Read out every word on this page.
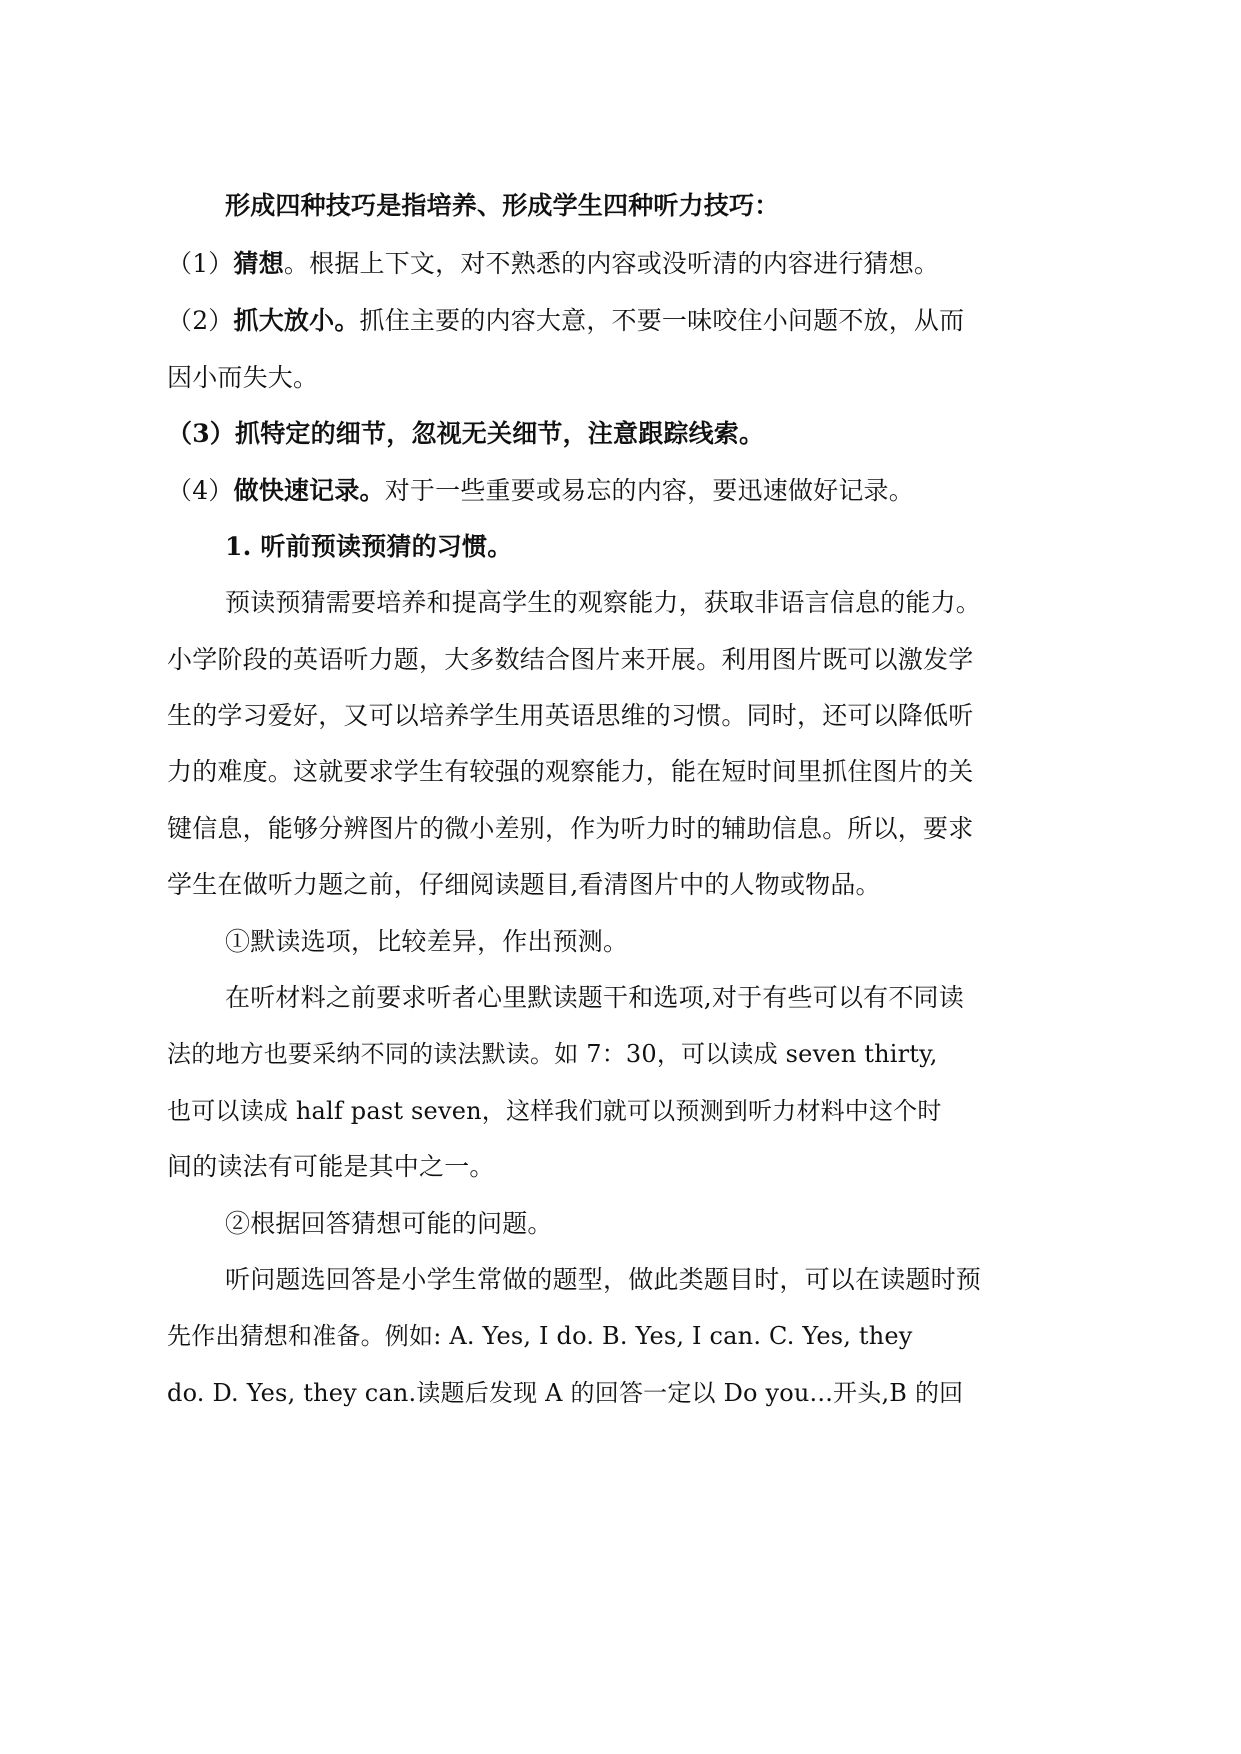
形成四种技巧是指培养、形成学生四种听力技巧：
（1）猜想。根据上下文，对不熟悉的内容或没听清的内容进行猜想。
（2）抓大放小。抓住主要的内容大意，不要一味咬住小问题不放，从而
因小而失大。
（3）抓特定的细节，忽视无关细节，注意跟踪线索。
（4）做快速记录。对于一些重要或易忘的内容，要迅速做好记录。
1. 听前预读预猜的习惯。
预读预猜需要培养和提高学生的观察能力，获取非语言信息的能力。
小学阶段的英语听力题，大多数结合图片来开展。利用图片既可以激发学
生的学习爱好，又可以培养学生用英语思维的习惯。同时，还可以降低听
力的难度。这就要求学生有较强的观察能力，能在短时间里抓住图片的关
键信息，能够分辨图片的微小差别，作为听力时的辅助信息。所以，要求
学生在做听力题之前，仔细阅读题目,看清图片中的人物或物品。
①默读选项，比较差异，作出预测。
在听材料之前要求听者心里默读题干和选项,对于有些可以有不同读
法的地方也要采纳不同的读法默读。如 7：30，可以读成 seven thirty,
也可以读成 half past seven，这样我们就可以预测到听力材料中这个时
间的读法有可能是其中之一。
②根据回答猜想可能的问题。
听问题选回答是小学生常做的题型，做此类题目时，可以在读题时预
先作出猜想和准备。例如: A. Yes, I do. B. Yes, I can. C. Yes, they
do. D. Yes, they can.读题后发现 A 的回答一定以 Do you...开头,B 的回
